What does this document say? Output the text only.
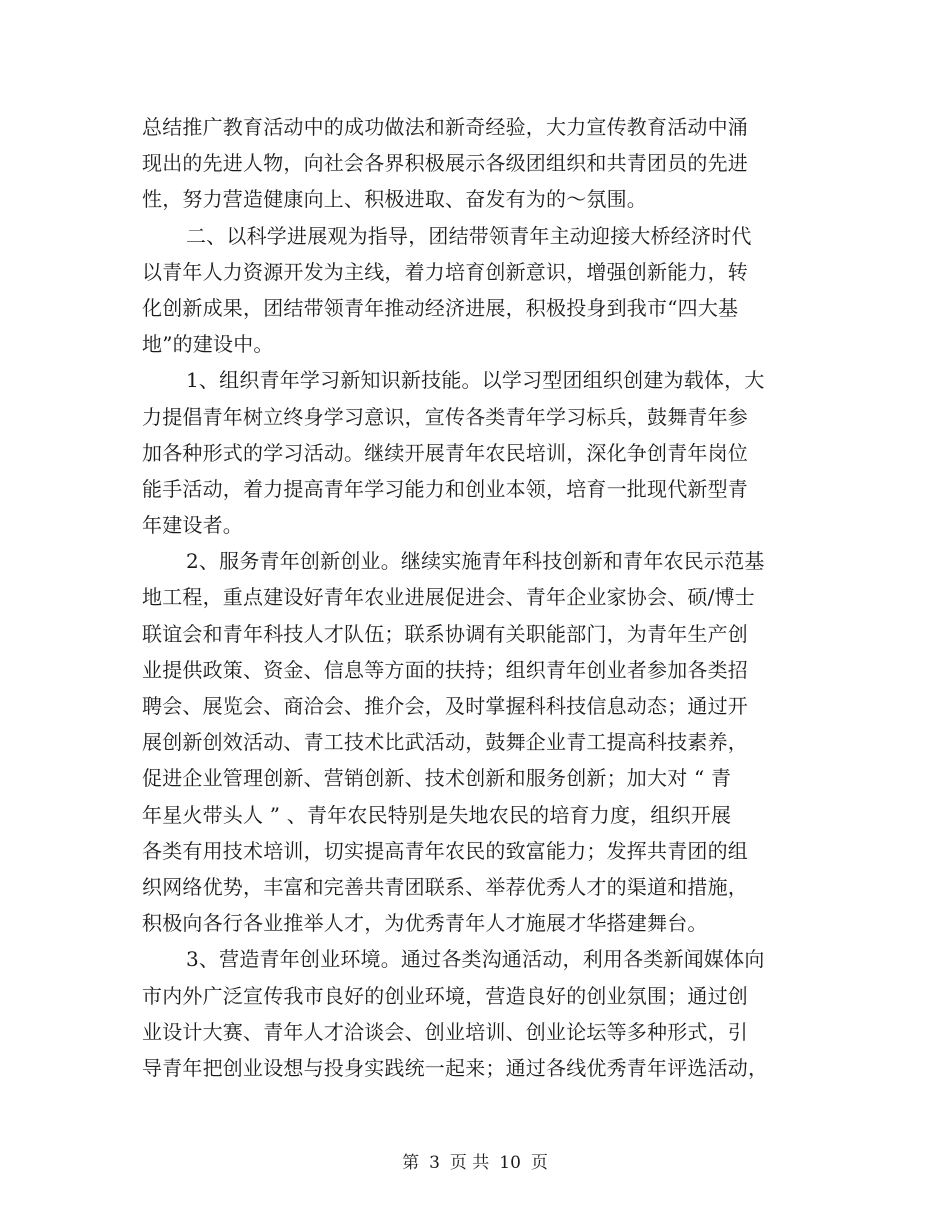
总结推广教育活动中的成功做法和新奇经验，大力宣传教育活动中涌
现出的先进人物，向社会各界积极展示各级团组织和共青团员的先进
性，努力营造健康向上、积极进取、奋发有为的～氛围。
二、以科学进展观为指导，团结带领青年主动迎接大桥经济时代
以青年人力资源开发为主线，着力培育创新意识，增强创新能力，转
化创新成果，团结带领青年推动经济进展，积极投身到我市“四大基
地”的建设中。
1、组织青年学习新知识新技能。以学习型团组织创建为载体，大
力提倡青年树立终身学习意识，宣传各类青年学习标兵，鼓舞青年参
加各种形式的学习活动。继续开展青年农民培训，深化争创青年岗位
能手活动，着力提高青年学习能力和创业本领，培育一批现代新型青
年建设者。
2、服务青年创新创业。继续实施青年科技创新和青年农民示范基
地工程，重点建设好青年农业进展促进会、青年企业家协会、硕/博士
联谊会和青年科技人才队伍；联系协调有关职能部门，为青年生产创
业提供政策、资金、信息等方面的扶持；组织青年创业者参加各类招
聘会、展览会、商洽会、推介会，及时掌握科科技信息动态；通过开
展创新创效活动、青工技术比武活动，鼓舞企业青工提高科技素养，
促进企业管理创新、营销创新、技术创新和服务创新；加大对 “ 青
年星火带头人 ” 、青年农民特别是失地农民的培育力度，组织开展
各类有用技术培训，切实提高青年农民的致富能力；发挥共青团的组
织网络优势，丰富和完善共青团联系、举荐优秀人才的渠道和措施，
积极向各行各业推举人才，为优秀青年人才施展才华搭建舞台。
3、营造青年创业环境。通过各类沟通活动，利用各类新闻媒体向
市内外广泛宣传我市良好的创业环境，营造良好的创业氛围；通过创
业设计大赛、青年人才洽谈会、创业培训、创业论坛等多种形式，引
导青年把创业设想与投身实践统一起来；通过各线优秀青年评选活动，
第 3 页 共 10 页
